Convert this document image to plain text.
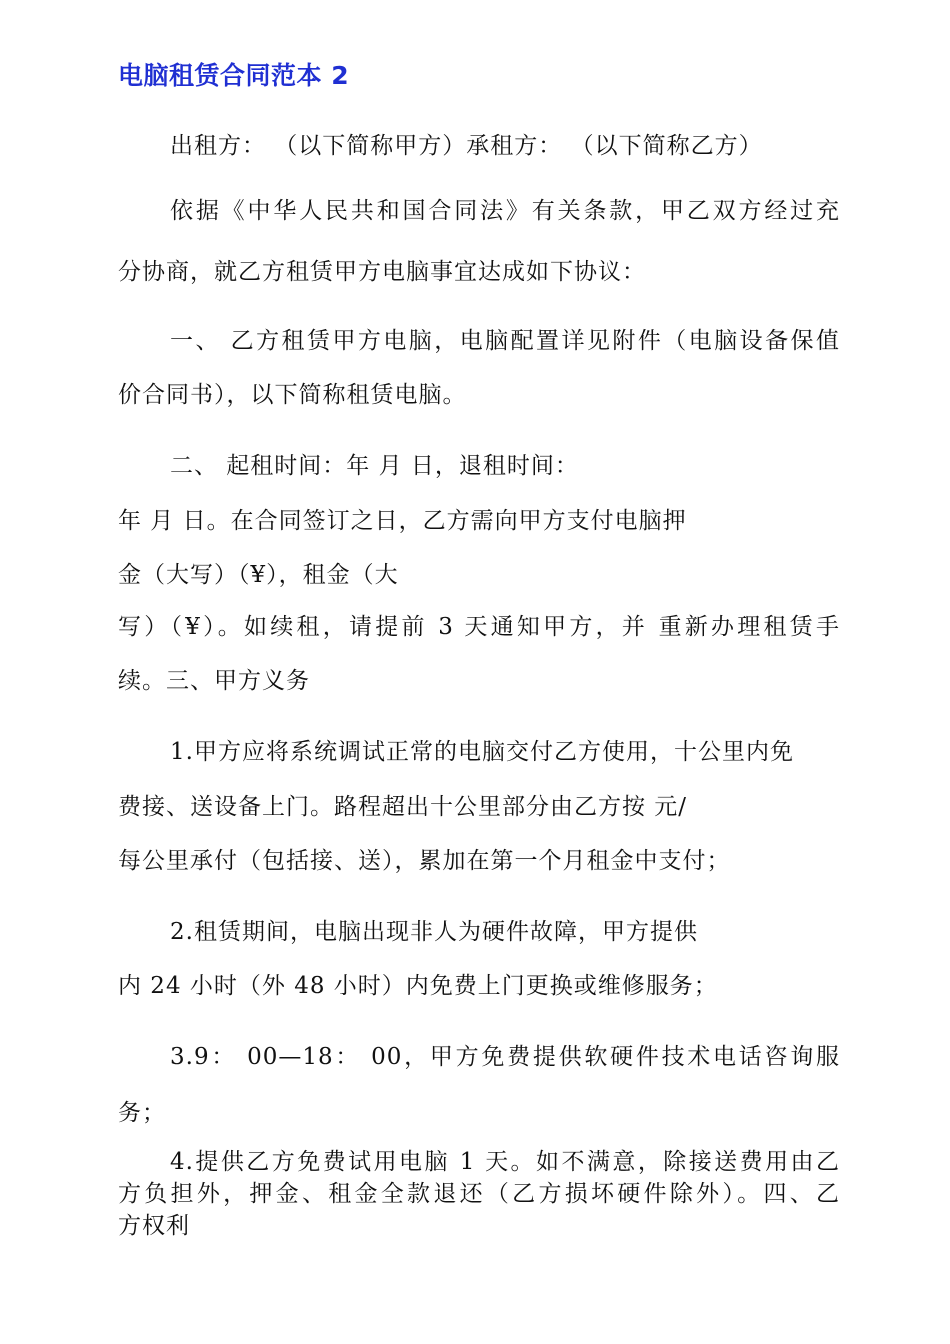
电脑租赁合同范本 2
出租方： （以下简称甲方）承租方： （以下简称乙方）
依据《中华人民共和国合同法》有关条款，甲乙双方经过充
分协商，就乙方租赁甲方电脑事宜达成如下协议：
一、 乙方租赁甲方电脑，电脑配置详见附件（电脑设备保值
价合同书），以下简称租赁电脑。
二、 起租时间：年 月 日，退租时间：
年 月 日。在合同签订之日，乙方需向甲方支付电脑押
金（大写）（¥），租金（大
写）（¥）。如续租，请提前 3 天通知甲方，并 重新办理租赁手
续。三、甲方义务
1.甲方应将系统调试正常的电脑交付乙方使用，十公里内免
费接、送设备上门。路程超出十公里部分由乙方按 元/
每公里承付（包括接、送），累加在第一个月租金中支付；
2.租赁期间，电脑出现非人为硬件故障，甲方提供
内 24 小时（外 48 小时）内免费上门更换或维修服务；
3.9： 00—18： 00，甲方免费提供软硬件技术电话咨询服
务；
4.提供乙方免费试用电脑 1 天。如不满意，除接送费用由乙
方负担外，押金、租金全款退还（乙方损坏硬件除外）。四、乙
方权利
